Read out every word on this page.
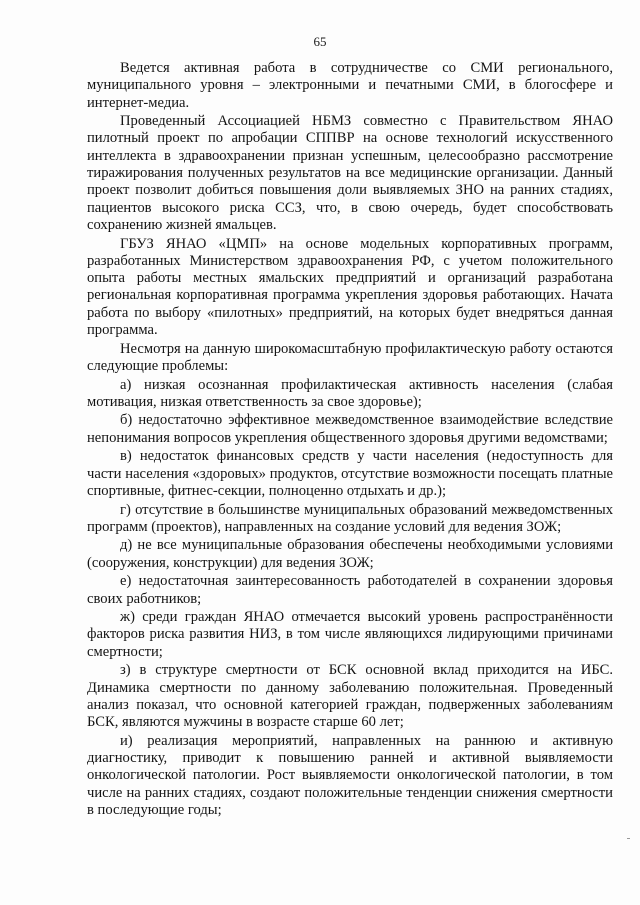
65

Ведется активная работа в сотрудничестве со СМИ регионального, муниципального уровня – электронными и печатными СМИ, в блогосфере и интернет-медиа.

Проведенный Ассоциацией НБМЗ совместно с Правительством ЯНАО пилотный проект по апробации СППВР на основе технологий искусственного интеллекта в здравоохранении признан успешным, целесообразно рассмотрение тиражирования полученных результатов на все медицинские организации. Данный проект позволит добиться повышения доли выявляемых ЗНО на ранних стадиях, пациентов высокого риска ССЗ, что, в свою очередь, будет способствовать сохранению жизней ямальцев.

ГБУЗ ЯНАО «ЦМП» на основе модельных корпоративных программ, разработанных Министерством здравоохранения РФ, с учетом положительного опыта работы местных ямальских предприятий и организаций разработана региональная корпоративная программа укрепления здоровья работающих. Начата работа по выбору «пилотных» предприятий, на которых будет внедряться данная программа.

Несмотря на данную широкомасштабную профилактическую работу остаются следующие проблемы:

а) низкая осознанная профилактическая активность населения (слабая мотивация, низкая ответственность за свое здоровье);

б) недостаточно эффективное межведомственное взаимодействие вследствие непонимания вопросов укрепления общественного здоровья другими ведомствами;

в) недостаток финансовых средств у части населения (недоступность для части населения «здоровых» продуктов, отсутствие возможности посещать платные спортивные, фитнес-секции, полноценно отдыхать и др.);

г) отсутствие в большинстве муниципальных образований межведомственных программ (проектов), направленных на создание условий для ведения ЗОЖ;

д) не все муниципальные образования обеспечены необходимыми условиями (сооружения, конструкции) для ведения ЗОЖ;

е) недостаточная заинтересованность работодателей в сохранении здоровья своих работников;

ж) среди граждан ЯНАО отмечается высокий уровень распространённости факторов риска развития НИЗ, в том числе являющихся лидирующими причинами смертности;

з) в структуре смертности от БСК основной вклад приходится на ИБС. Динамика смертности по данному заболеванию положительная. Проведенный анализ показал, что основной категорией граждан, подверженных заболеваниям БСК, являются мужчины в возрасте старше 60 лет;

и) реализация мероприятий, направленных на раннюю и активную диагностику, приводит к повышению ранней и активной выявляемости онкологической патологии. Рост выявляемости онкологической патологии, в том числе на ранних стадиях, создают положительные тенденции снижения смертности в последующие годы;
